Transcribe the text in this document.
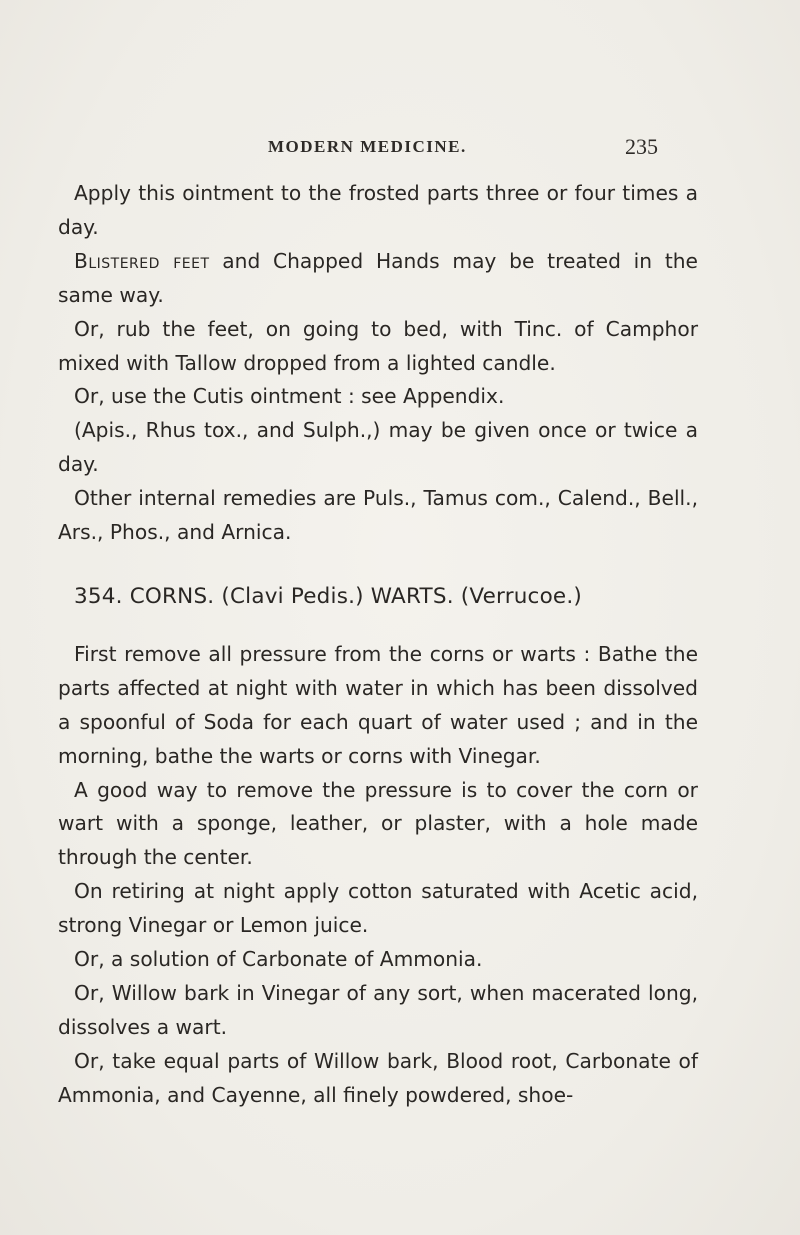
MODERN MEDICINE.	235

Apply this ointment to the frosted parts three or four times a day.

Blistered feet and Chapped Hands may be treated in the same way.

Or, rub the feet, on going to bed, with Tinc. of Camphor mixed with Tallow dropped from a lighted candle.

Or, use the Cutis ointment : see Appendix.

(Apis., Rhus tox., and Sulph.,) may be given once or twice a day.

Other internal remedies are Puls., Tamus com., Calend., Bell., Ars., Phos., and Arnica.

354. CORNS. (Clavi Pedis.) WARTS. (Verrucoe.)

First remove all pressure from the corns or warts : Bathe the parts affected at night with water in which has been dissolved a spoonful of Soda for each quart of water used ; and in the morning, bathe the warts or corns with Vinegar.

A good way to remove the pressure is to cover the corn or wart with a sponge, leather, or plaster, with a hole made through the center.

On retiring at night apply cotton saturated with Acetic acid, strong Vinegar or Lemon juice.

Or, a solution of Carbonate of Ammonia.

Or, Willow bark in Vinegar of any sort, when macerated long, dissolves a wart.

Or, take equal parts of Willow bark, Blood root, Carbonate of Ammonia, and Cayenne, all finely powdered, shoe-
